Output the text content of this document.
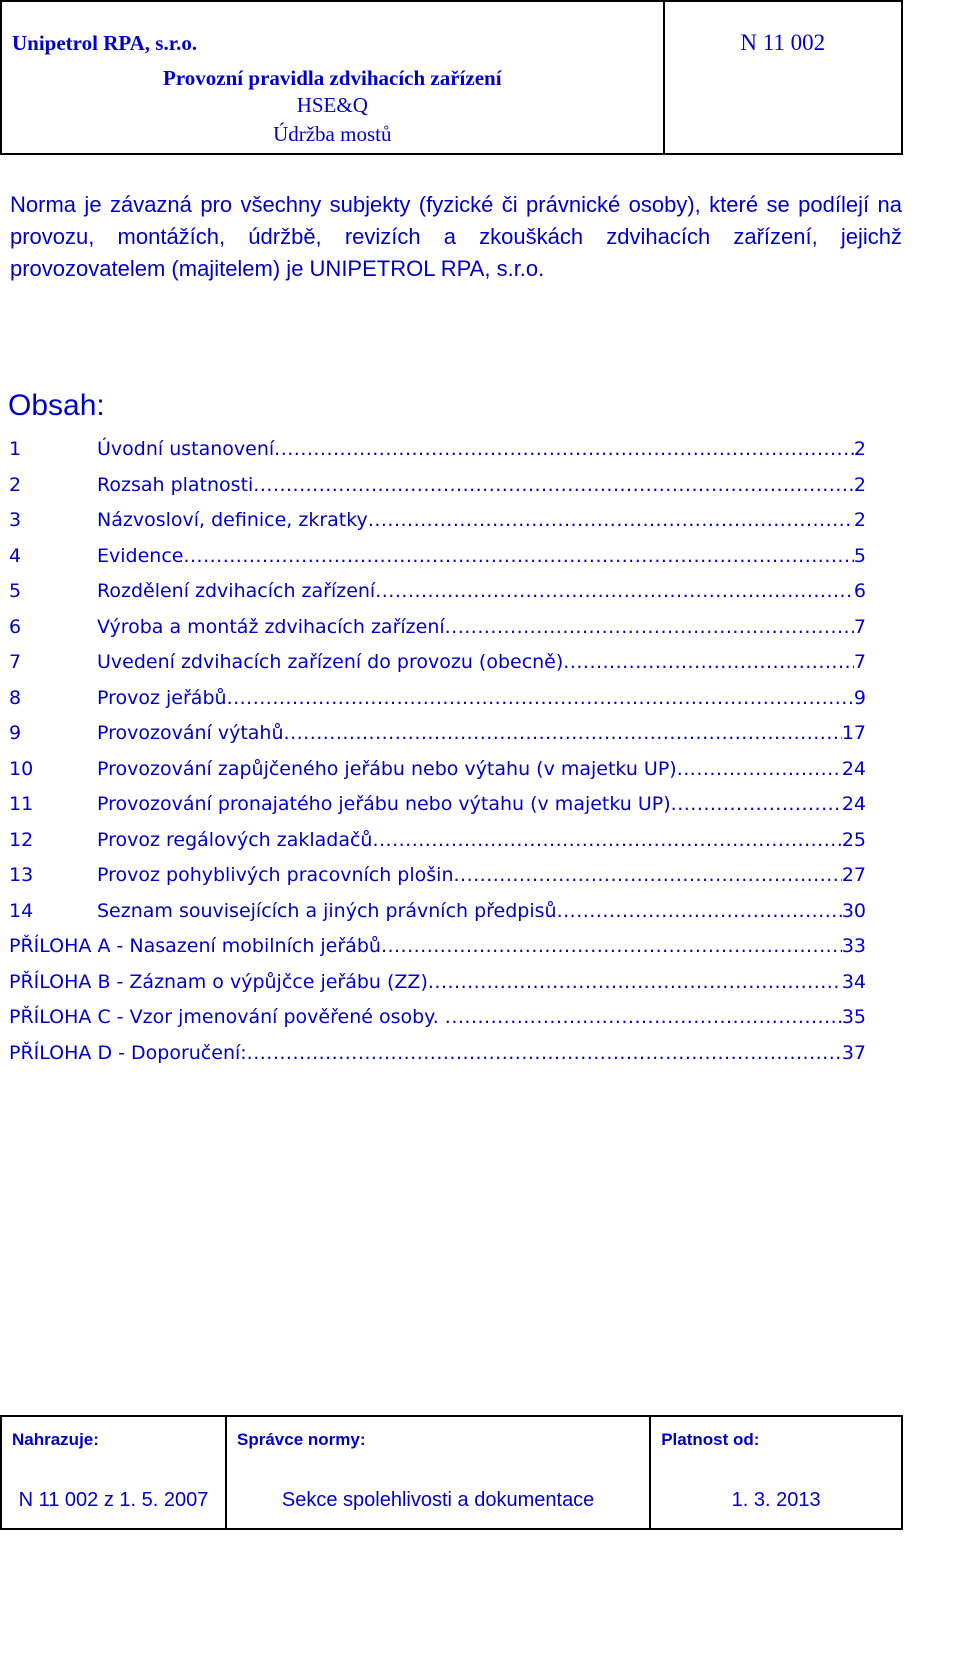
Unipetrol RPA, s.r.o.
Provozní pravidla zdvihacích zařízení
HSE&Q
Údržba mostů

N 11 002

Norma je závazná pro všechny subjekty (fyzické či právnické osoby), které se podílejí na provozu, montážích, údržbě, revizích a zkouškách zdvihacích zařízení, jejichž provozovatelem (majitelem) je UNIPETROL RPA, s.r.o.

Obsah:
1	Úvodní ustanovení .....	2
2	Rozsah platnosti .....	2
3	Názvosloví, definice, zkratky .....	2
4	Evidence .....	5
5	Rozdělení zdvihacích zařízení .....	6
6	Výroba a montáž zdvihacích zařízení .....	7
7	Uvedení zdvihacích zařízení do provozu (obecně) .....	7
8	Provoz jeřábů .....	9
9	Provozování výtahů .....	17
10	Provozování zapůjčeného jeřábu nebo výtahu (v majetku UP) .....	24
11	Provozování pronajatého jeřábu nebo výtahu (v majetku UP) .....	24
12	Provoz regálových zakladačů .....	25
13	Provoz pohyblivých pracovních plošin .....	27
14	Seznam souvisejících a jiných právních předpisů .....	30
PŘÍLOHA A - Nasazení mobilních jeřábů .....	33
PŘÍLOHA B - Záznam o výpůjčce jeřábu (ZZ) .....	34
PŘÍLOHA C - Vzor jmenování pověřené osoby. .....	35
PŘÍLOHA D - Doporučení: .....	37
Nahrazuje:
N 11 002 z 1. 5. 2007

Správce normy:
Sekce spolehlivosti a dokumentace

Platnost od:
1. 3. 2013
